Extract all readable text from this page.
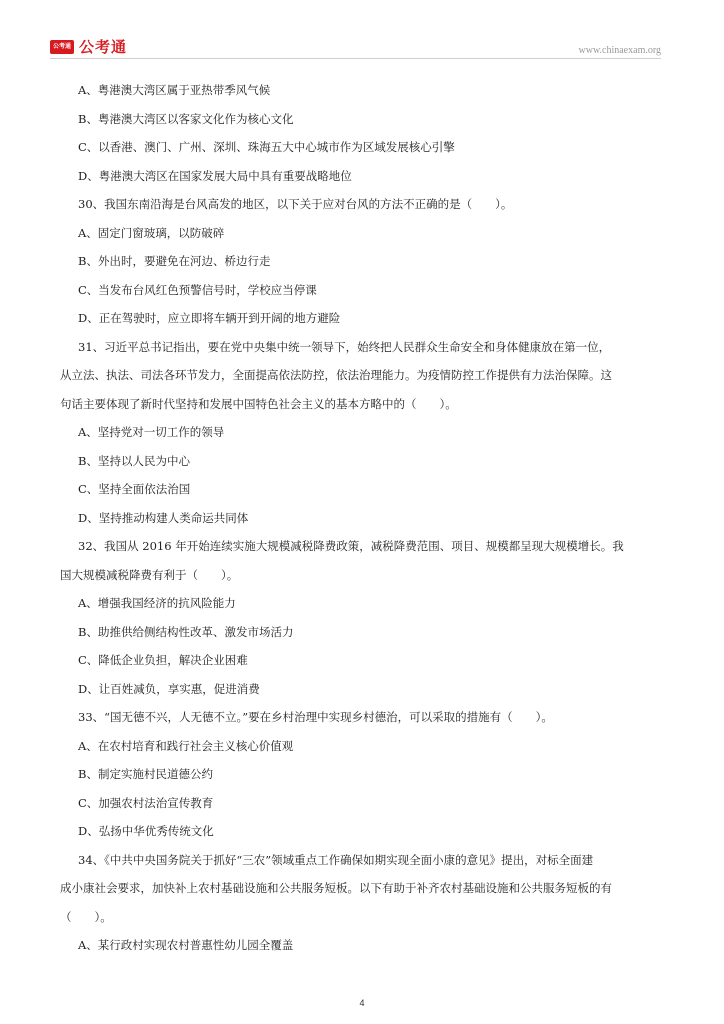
公考通 公考通	www.chinaexam.org
A、粤港澳大湾区属于亚热带季风气候
B、粤港澳大湾区以客家文化作为核心文化
C、以香港、澳门、广州、深圳、珠海五大中心城市作为区域发展核心引擎
D、粤港澳大湾区在国家发展大局中具有重要战略地位
30、我国东南沿海是台风高发的地区，以下关于应对台风的方法不正确的是（　　）。
A、固定门窗玻璃，以防破碎
B、外出时，要避免在河边、桥边行走
C、当发布台风红色预警信号时，学校应当停课
D、正在驾驶时，应立即将车辆开到开阔的地方避险
31、习近平总书记指出，要在党中央集中统一领导下，始终把人民群众生命安全和身体健康放在第一位，
从立法、执法、司法各环节发力，全面提高依法防控，依法治理能力。为疫情防控工作提供有力法治保障。这
句话主要体现了新时代坚持和发展中国特色社会主义的基本方略中的（　　）。
A、坚持党对一切工作的领导
B、坚持以人民为中心
C、坚持全面依法治国
D、坚持推动构建人类命运共同体
32、我国从 2016 年开始连续实施大规模减税降费政策，减税降费范围、项目、规模都呈现大规模增长。我
国大规模减税降费有利于（　　）。
A、增强我国经济的抗风险能力
B、助推供给侧结构性改革、激发市场活力
C、降低企业负担，解决企业困难
D、让百姓减负，享实惠，促进消费
33、“国无德不兴，人无德不立。”要在乡村治理中实现乡村德治，可以采取的措施有（　　）。
A、在农村培育和践行社会主义核心价值观
B、制定实施村民道德公约
C、加强农村法治宣传教育
D、弘扬中华优秀传统文化
34、《中共中央国务院关于抓好“三农”领域重点工作确保如期实现全面小康的意见》提出，对标全面建
成小康社会要求，加快补上农村基础设施和公共服务短板。以下有助于补齐农村基础设施和公共服务短板的有
（　　）。
A、某行政村实现农村普惠性幼儿园全覆盖
4
